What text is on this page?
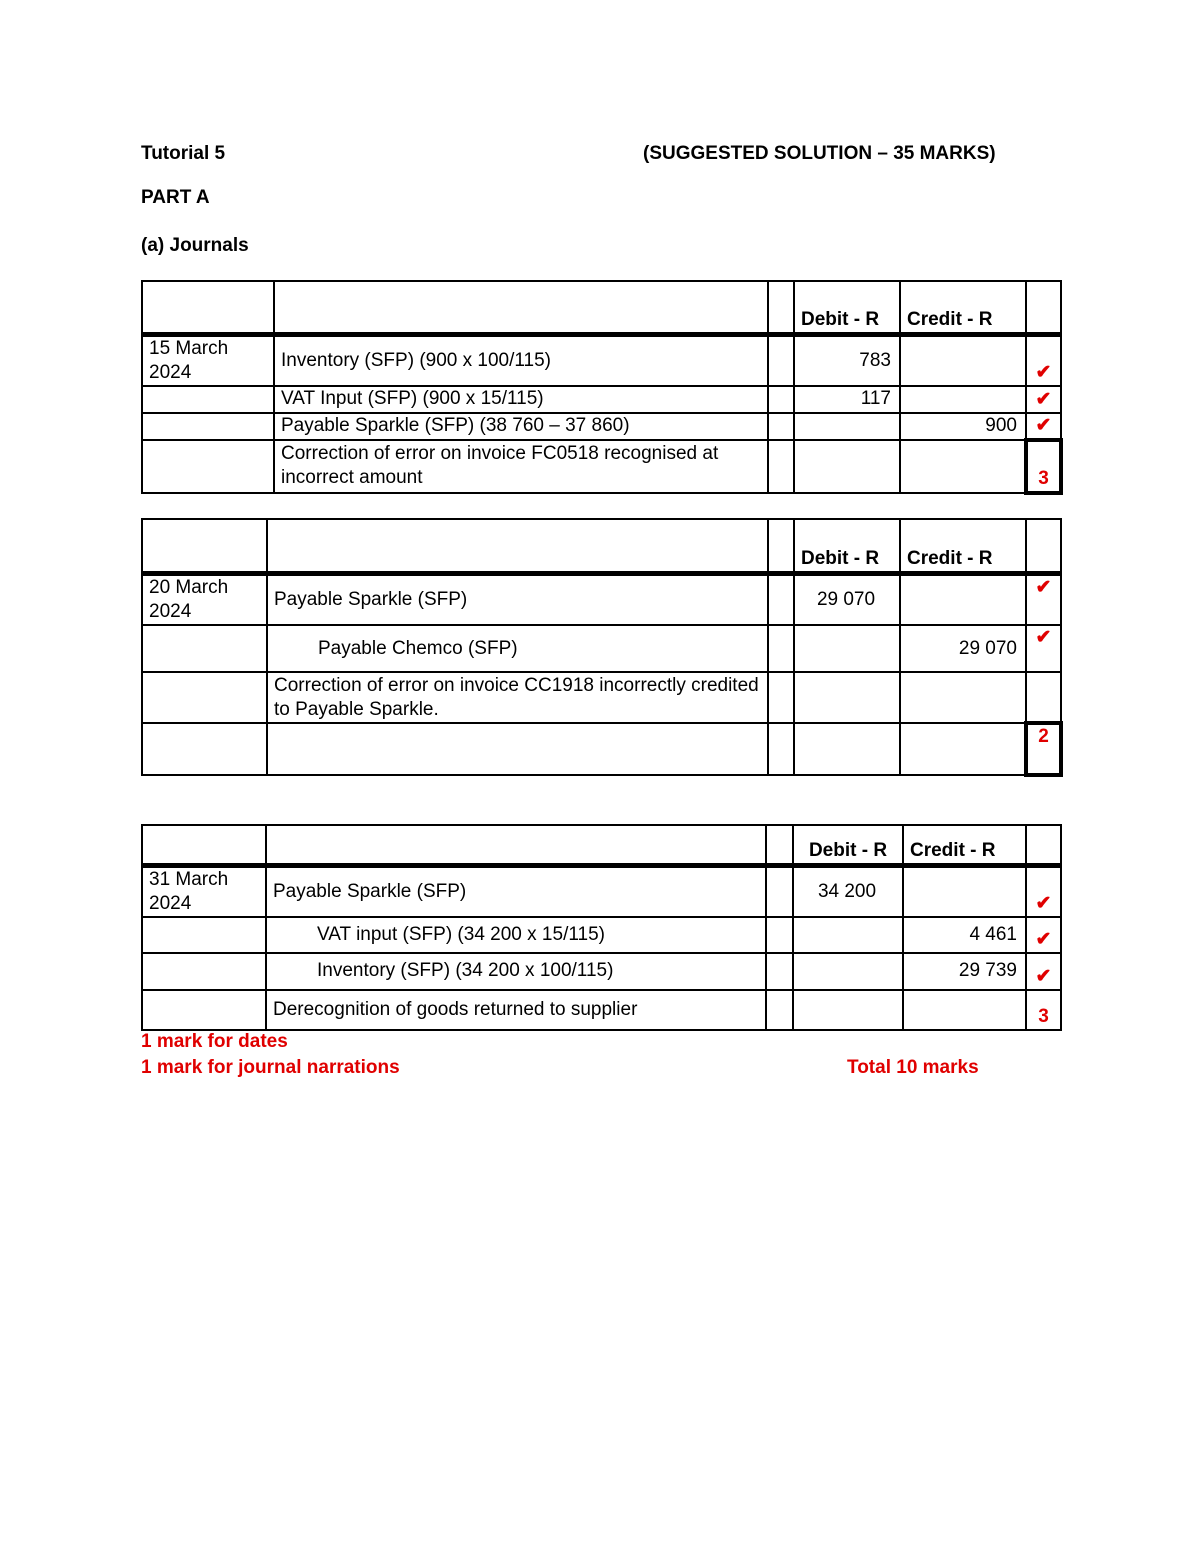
Tutorial 5	(SUGGESTED SOLUTION – 35 MARKS)
PART A
(a) Journals
			Debit - R	Credit - R	
15 March 2024	Inventory (SFP) (900 x 100/115)		783		✔
	VAT Input (SFP) (900 x 15/115)		117		✔
	Payable Sparkle (SFP) (38 760 – 37 860)			900	✔
	Correction of error on invoice FC0518 recognised at incorrect amount				3
			Debit - R	Credit - R	
20 March 2024	Payable Sparkle (SFP)		29 070		✔
	Payable Chemco (SFP)			29 070	✔
	Correction of error on invoice CC1918 incorrectly credited to Payable Sparkle.				
					2
			Debit - R	Credit - R	
31 March 2024	Payable Sparkle (SFP)		34 200		✔
	VAT input (SFP) (34 200 x 15/115)			4 461	✔
	Inventory (SFP) (34 200 x 100/115)			29 739	✔
	Derecognition of goods returned to supplier				3
1 mark for dates
1 mark for journal narrations	Total 10 marks
